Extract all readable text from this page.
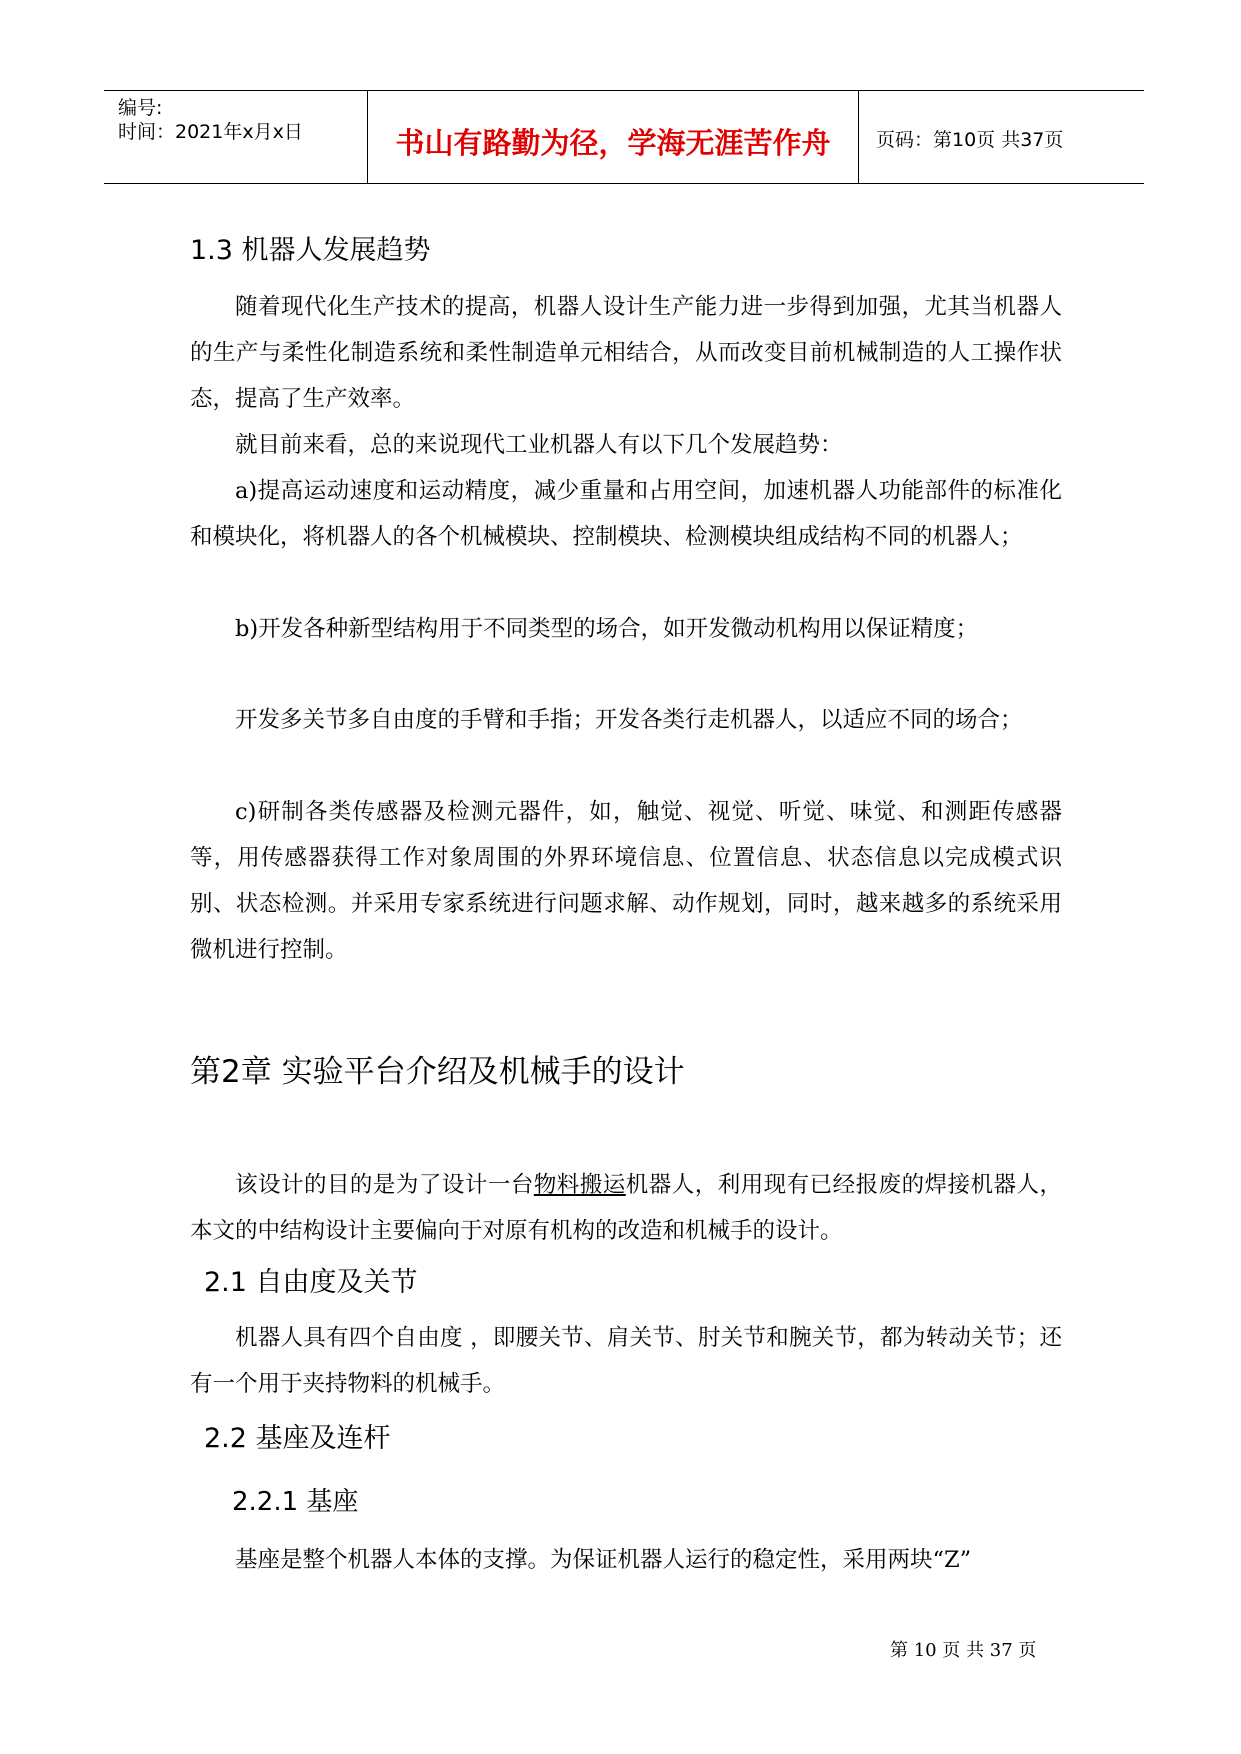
编号:
时间：2021年x月x日	书山有路勤为径，学海无涯苦作舟	页码：第10页 共37页
1.3 机器人发展趋势

随着现代化生产技术的提高，机器人设计生产能力进一步得到加强，尤其当机器人的生产与柔性化制造系统和柔性制造单元相结合，从而改变目前机械制造的人工操作状态，提高了生产效率。

就目前来看，总的来说现代工业机器人有以下几个发展趋势：

a)提高运动速度和运动精度，减少重量和占用空间，加速机器人功能部件的标准化和模块化，将机器人的各个机械模块、控制模块、检测模块组成结构不同的机器人；

b)开发各种新型结构用于不同类型的场合，如开发微动机构用以保证精度；

开发多关节多自由度的手臂和手指；开发各类行走机器人，以适应不同的场合；

c)研制各类传感器及检测元器件，如，触觉、视觉、听觉、味觉、和测距传感器等，用传感器获得工作对象周围的外界环境信息、位置信息、状态信息以完成模式识别、状态检测。并采用专家系统进行问题求解、动作规划，同时，越来越多的系统采用微机进行控制。

第2章 实验平台介绍及机械手的设计

该设计的目的是为了设计一台物料搬运机器人，利用现有已经报废的焊接机器人，本文的中结构设计主要偏向于对原有机构的改造和机械手的设计。

2.1 自由度及关节

机器人具有四个自由度 ，即腰关节、肩关节、肘关节和腕关节，都为转动关节；还有一个用于夹持物料的机械手。

2.2 基座及连杆
2.2.1 基座

基座是整个机器人本体的支撑。为保证机器人运行的稳定性，采用两块“Z”

第 10 页 共 37 页
